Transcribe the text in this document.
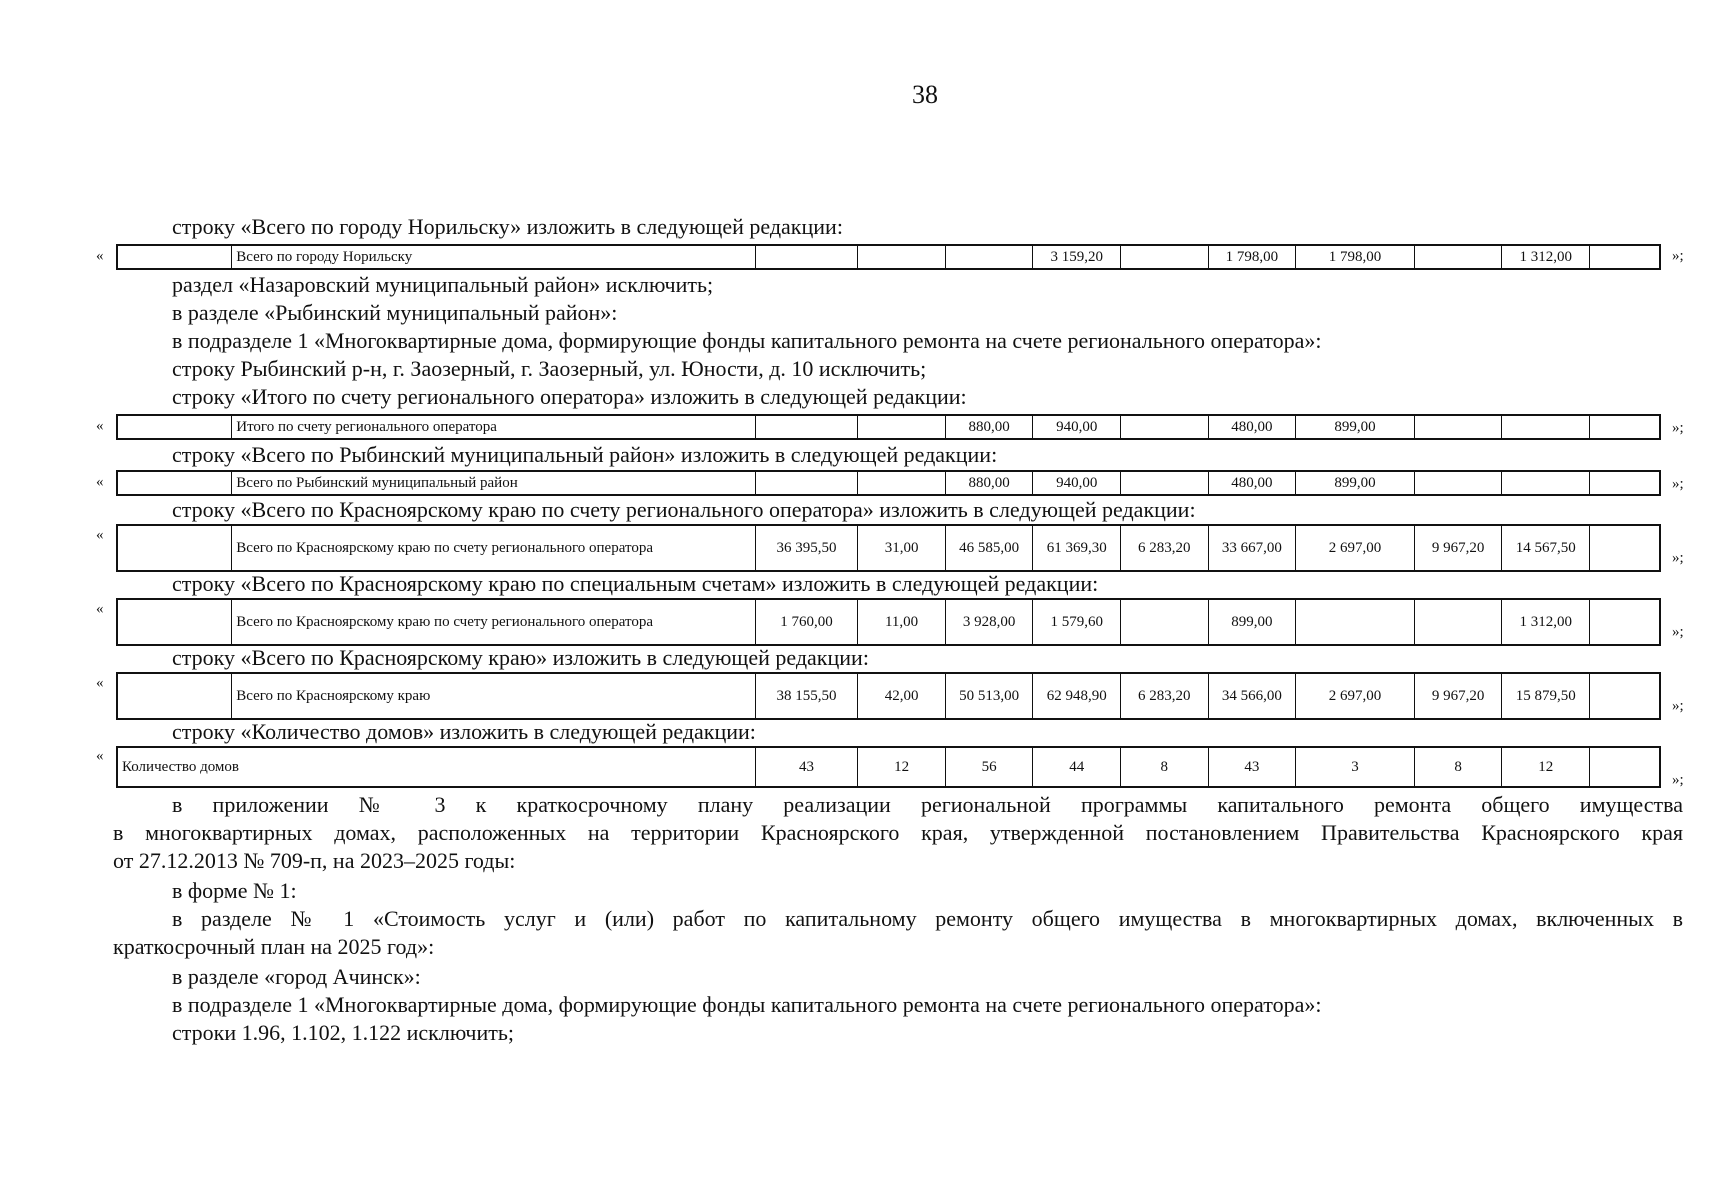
38
строку «Всего по городу Норильску» изложить в следующей редакции:
«
		Всего по городу Норильску				3 159,20		1 798,00	1 798,00		1 312,00		»;
раздел «Назаровский муниципальный район» исключить;
в разделе «Рыбинский муниципальный район»:
в подразделе 1 «Многоквартирные дома, формирующие фонды капитального ремонта на счете регионального оператора»:
строку Рыбинский р-н, г. Заозерный, г. Заозерный, ул. Юности, д. 10 исключить;
строку «Итого по счету регионального оператора» изложить в следующей редакции:
«
		Итого по счету регионального оператора			880,00	940,00		480,00	899,00				»;
строку «Всего по Рыбинский муниципальный район» изложить в следующей редакции:
«
		Всего по Рыбинский муниципальный район			880,00	940,00		480,00	899,00				»;
строку «Всего по Красноярскому краю по счету регионального оператора» изложить в следующей редакции:
«
	Всего по Красноярскому краю по счету регионального оператора	36 395,50	31,00	46 585,00	61 369,30	6 283,20	33 667,00	2 697,00	9 967,20	14 567,50	
»;
строку «Всего по Красноярскому краю по специальным счетам» изложить в следующей редакции:
«
	Всего по Красноярскому краю по счету регионального оператора	1 760,00	11,00	3 928,00	1 579,60		899,00			1 312,00	
»;
строку «Всего по Красноярскому краю» изложить в следующей редакции:
«
	Всего по Красноярскому краю	38 155,50	42,00	50 513,00	62 948,90	6 283,20	34 566,00	2 697,00	9 967,20	15 879,50	
»;
строку «Количество домов» изложить в следующей редакции:
«
Количество домов	43	12	56	44	8	43	3	8	12	
»;
в приложении № 3 к краткосрочному плану реализации региональной программы капитального ремонта общего имущества
в многоквартирных домах, расположенных на территории Красноярского края, утвержденной постановлением Правительства Красноярского края
от 27.12.2013 № 709-п, на 2023–2025 годы:
в форме № 1:
в разделе № 1 «Стоимость услуг и (или) работ по капитальному ремонту общего имущества в многоквартирных домах, включенных в
краткосрочный план на 2025 год»:
в разделе «город Ачинск»:
в подразделе 1 «Многоквартирные дома, формирующие фонды капитального ремонта на счете регионального оператора»:
строки 1.96, 1.102, 1.122 исключить;
